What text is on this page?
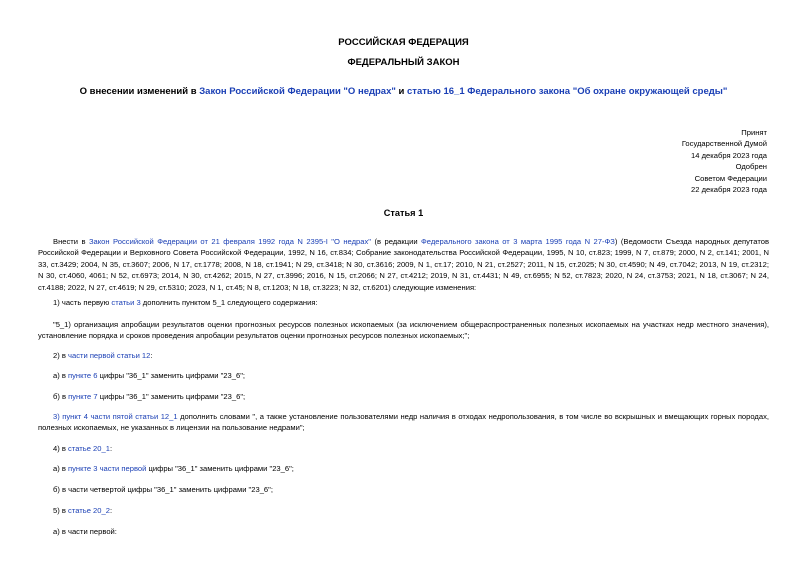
РОССИЙСКАЯ ФЕДЕРАЦИЯ
ФЕДЕРАЛЬНЫЙ ЗАКОН
О внесении изменений в Закон Российской Федерации "О недрах" и статью 16_1 Федерального закона "Об охране окружающей среды"
Принят
Государственной Думой
14 декабря 2023 года
Одобрен
Советом Федерации
22 декабря 2023 года
Статья 1

Внести в Закон Российской Федерации от 21 февраля 1992 года N 2395-I "О недрах" (в редакции Федерального закона от 3 марта 1995 года N 27-ФЗ) (Ведомости Съезда народных депутатов Российской Федерации и Верховного Совета Российской Федерации, 1992, N 16, ст.834; Собрание законодательства Российской Федерации, 1995, N 10, ст.823; 1999, N 7, ст.879; 2000, N 2, ст.141; 2001, N 33, ст.3429; 2004, N 35, ст.3607; 2006, N 17, ст.1778; 2008, N 18, ст.1941; N 29, ст.3418; N 30, ст.3616; 2009, N 1, ст.17; 2010, N 21, ст.2527; 2011, N 15, ст.2025; N 30, ст.4590; N 49, ст.7042; 2013, N 19, ст.2312; N 30, ст.4060, 4061; N 52, ст.6973; 2014, N 30, ст.4262; 2015, N 27, ст.3996; 2016, N 15, ст.2066; N 27, ст.4212; 2019, N 31, ст.4431; N 49, ст.6955; N 52, ст.7823; 2020, N 24, ст.3753; 2021, N 18, ст.3067; N 24, ст.4188; 2022, N 27, ст.4619; N 29, ст.5310; 2023, N 1, ст.45; N 8, ст.1203; N 18, ст.3223; N 32, ст.6201) следующие изменения:

1) часть первую статьи 3 дополнить пунктом 5_1 следующего содержания:

"5_1) организация апробации результатов оценки прогнозных ресурсов полезных ископаемых (за исключением общераспространенных полезных ископаемых на участках недр местного значения), установление порядка и сроков проведения апробации результатов оценки прогнозных ресурсов полезных ископаемых;";

2) в части первой статьи 12:

а) в пункте 6 цифры "36_1" заменить цифрами "23_6";

б) в пункте 7 цифры "36_1" заменить цифрами "23_6";

3) пункт 4 части пятой статьи 12_1 дополнить словами ", а также установление пользователями недр наличия в отходах недропользования, в том числе во вскрышных и вмещающих горных породах, полезных ископаемых, не указанных в лицензии на пользование недрами";

4) в статье 20_1:

а) в пункте 3 части первой цифры "36_1" заменить цифрами "23_6";

б) в части четвертой цифры "36_1" заменить цифрами "23_6";

5) в статье 20_2:

а) в части первой:
